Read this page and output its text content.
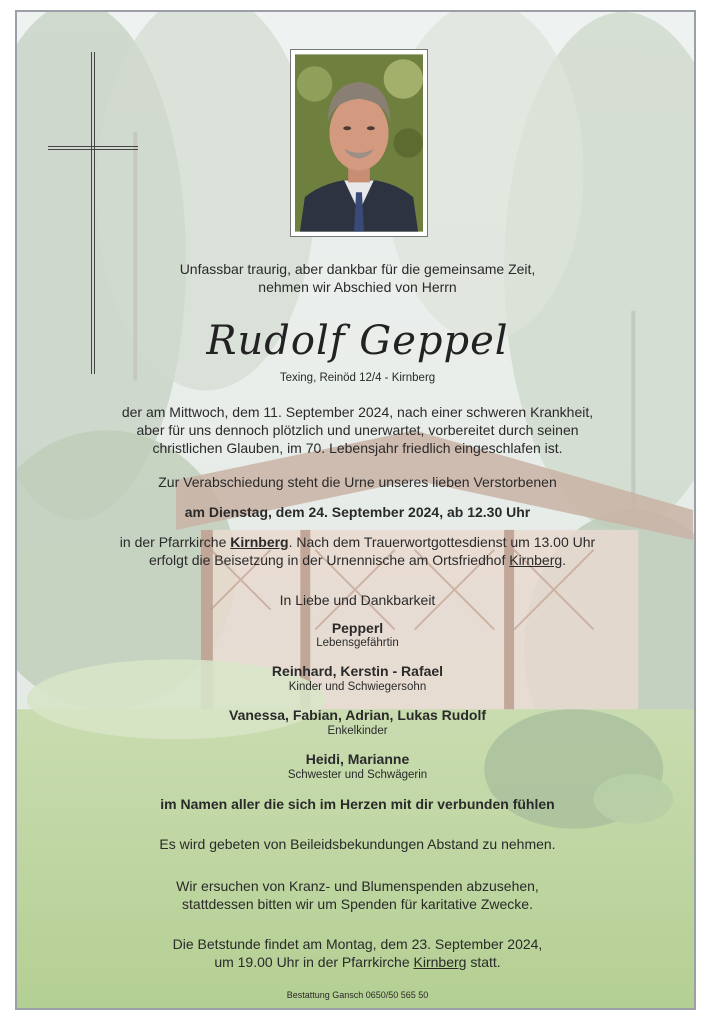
Unfassbar traurig, aber dankbar für die gemeinsame Zeit,
nehmen wir Abschied von Herrn
Rudolf Geppel
Texing, Reinöd 12/4 - Kirnberg
der am Mittwoch, dem 11. September 2024, nach einer schweren Krankheit,
aber für uns dennoch plötzlich und unerwartet, vorbereitet durch seinen
christlichen Glauben, im 70. Lebensjahr friedlich eingeschlafen ist.
Zur Verabschiedung steht die Urne unseres lieben Verstorbenen
am Dienstag, dem 24. September 2024, ab 12.30 Uhr
in der Pfarrkirche Kirnberg. Nach dem Trauerwortgottesdienst um 13.00 Uhr
erfolgt die Beisetzung in der Urnennische am Ortsfriedhof Kirnberg.
In Liebe und Dankbarkeit
Pepperl
Lebensgefährtin
Reinhard, Kerstin - Rafael
Kinder und Schwiegersohn
Vanessa, Fabian, Adrian, Lukas Rudolf
Enkelkinder
Heidi, Marianne
Schwester und Schwägerin
im Namen aller die sich im Herzen mit dir verbunden fühlen
Es wird gebeten von Beileidsbekundungen Abstand zu nehmen.
Wir ersuchen von Kranz- und Blumenspenden abzusehen,
stattdessen bitten wir um Spenden für karitative Zwecke.
Die Betstunde findet am Montag, dem 23. September 2024,
um 19.00 Uhr in der Pfarrkirche Kirnberg statt.
Bestattung Gansch 0650/50 565 50
